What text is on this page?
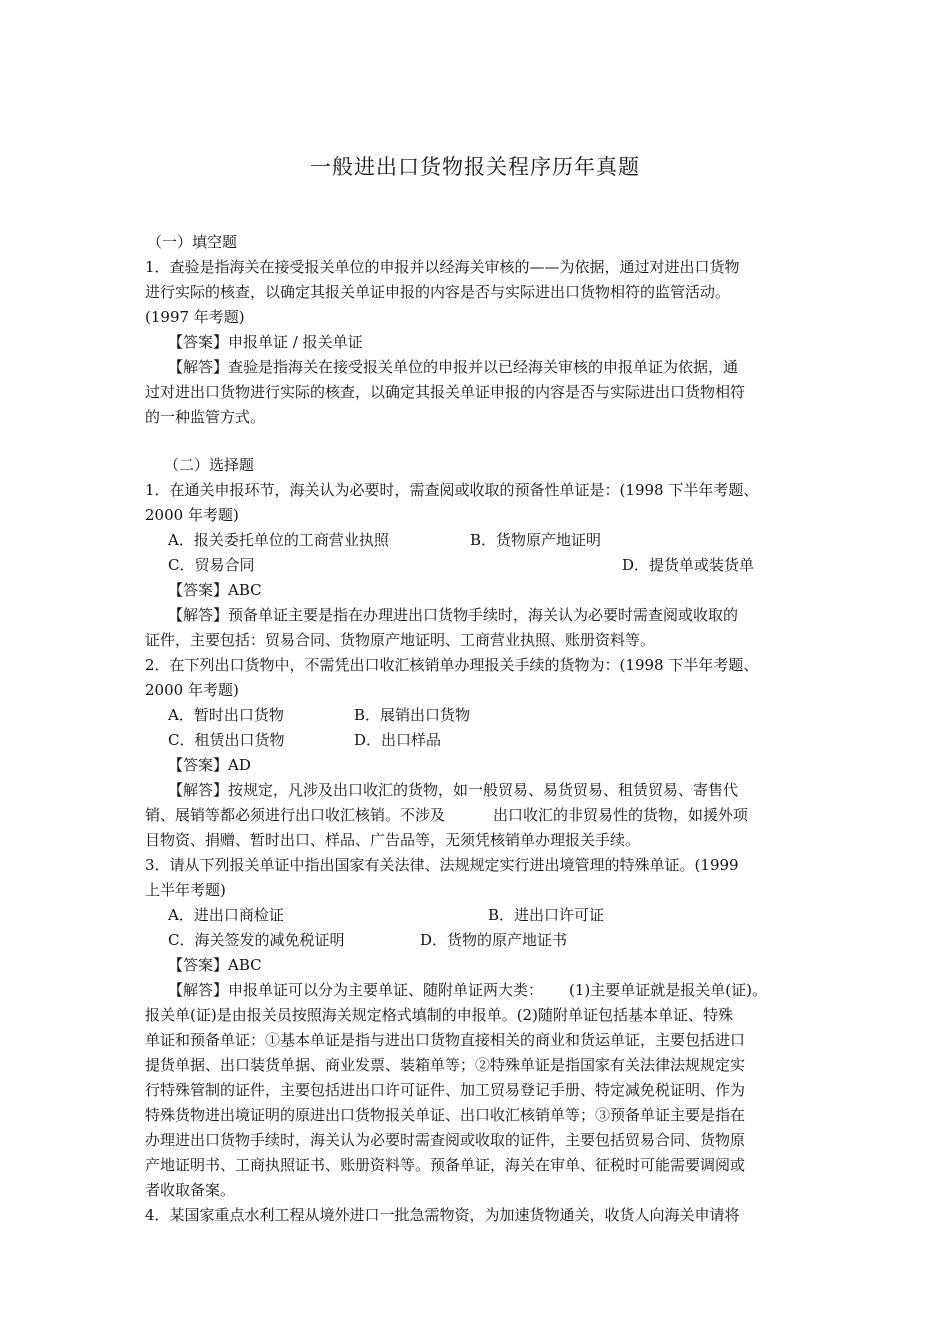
一般进出口货物报关程序历年真题
（一）填空题
1．查验是指海关在接受报关单位的申报并以经海关审核的——为依据，通过对进出口货物
进行实际的核查，以确定其报关单证申报的内容是否与实际进出口货物相符的监管活动。
(1997 年考题)
【答案】申报单证 / 报关单证
【解答】查验是指海关在接受报关单位的申报并以已经海关审核的申报单证为依据，通
过对进出口货物进行实际的核查，以确定其报关单证申报的内容是否与实际进出口货物相符
的一种监管方式。
（二）选择题
1．在通关申报环节，海关认为必要时，需查阅或收取的预备性单证是：(1998 下半年考题、
2000 年考题)
A．报关委托单位的工商营业执照	B．货物原产地证明
C．贸易合同	D．提货单或装货单
【答案】ABC
【解答】预备单证主要是指在办理进出口货物手续时，海关认为必要时需查阅或收取的
证件，主要包括：贸易合同、货物原产地证明、工商营业执照、账册资料等。
2．在下列出口货物中，不需凭出口收汇核销单办理报关手续的货物为：(1998 下半年考题、
2000 年考题)
A．暂时出口货物	B．展销出口货物
C．租赁出口货物	D．出口样品
【答案】AD
【解答】按规定，凡涉及出口收汇的货物，如一般贸易、易货贸易、租赁贸易、寄售代
销、展销等都必须进行出口收汇核销。不涉及	出口收汇的非贸易性的货物，如援外项
目物资、捐赠、暂时出口、样品、广告品等，无须凭核销单办理报关手续。
3．请从下列报关单证中指出国家有关法律、法规规定实行进出境管理的特殊单证。(1999
上半年考题)
A．进出口商检证	B．进出口许可证
C．海关签发的减免税证明	D．货物的原产地证书
【答案】ABC
【解答】申报单证可以分为主要单证、随附单证两大类： (1)主要单证就是报关单(证)。
报关单(证)是由报关员按照海关规定格式填制的申报单。(2)随附单证包括基本单证、特殊
单证和预备单证：①基本单证是指与进出口货物直接相关的商业和货运单证，主要包括进口
提货单据、出口装货单据、商业发票、装箱单等；②特殊单证是指国家有关法律法规规定实
行特殊管制的证件，主要包括进出口许可证件、加工贸易登记手册、特定减免税证明、作为
特殊货物进出境证明的原进出口货物报关单证、出口收汇核销单等；③预备单证主要是指在
办理进出口货物手续时，海关认为必要时需查阅或收取的证件，主要包括贸易合同、货物原
产地证明书、工商执照证书、账册资料等。预备单证，海关在审单、征税时可能需要调阅或
者收取备案。
4．某国家重点水利工程从境外进口一批急需物资，为加速货物通关，收货人向海关申请将
